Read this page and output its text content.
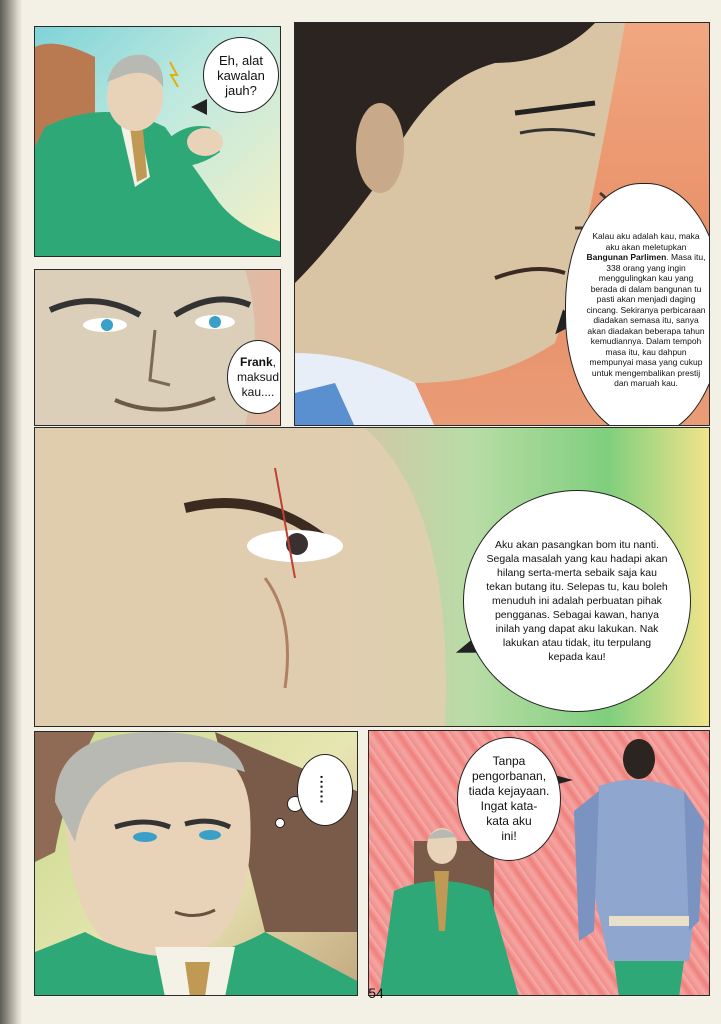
Eh, alat
kawalan
jauh?
Frank,
maksud
kau....
Kalau aku adalah kau, maka aku akan meletupkan Bangunan Parlimen. Masa itu, 338 orang yang ingin menggulingkan kau yang berada di dalam bangunan tu pasti akan menjadi daging cincang. Sekiranya perbicaraan diadakan semasa itu, sanya akan diadakan beberapa tahun kemudiannya. Dalam tempoh masa itu, kau dahpun mempunyai masa yang cukup untuk mengembalikan prestij dan maruah kau.
Aku akan pasangkan bom itu nanti. Segala masalah yang kau hadapi akan hilang serta-merta sebaik saja kau tekan butang itu. Selepas tu, kau boleh menuduh ini adalah perbuatan pihak pengganas. Sebagai kawan, hanya inilah yang dapat aku lakukan. Nak lakukan atau tidak, itu terpulang kepada kau!
......
Tanpa
pengorbanan,
tiada kejayaan.
Ingat kata-
kata aku
ini!
54
